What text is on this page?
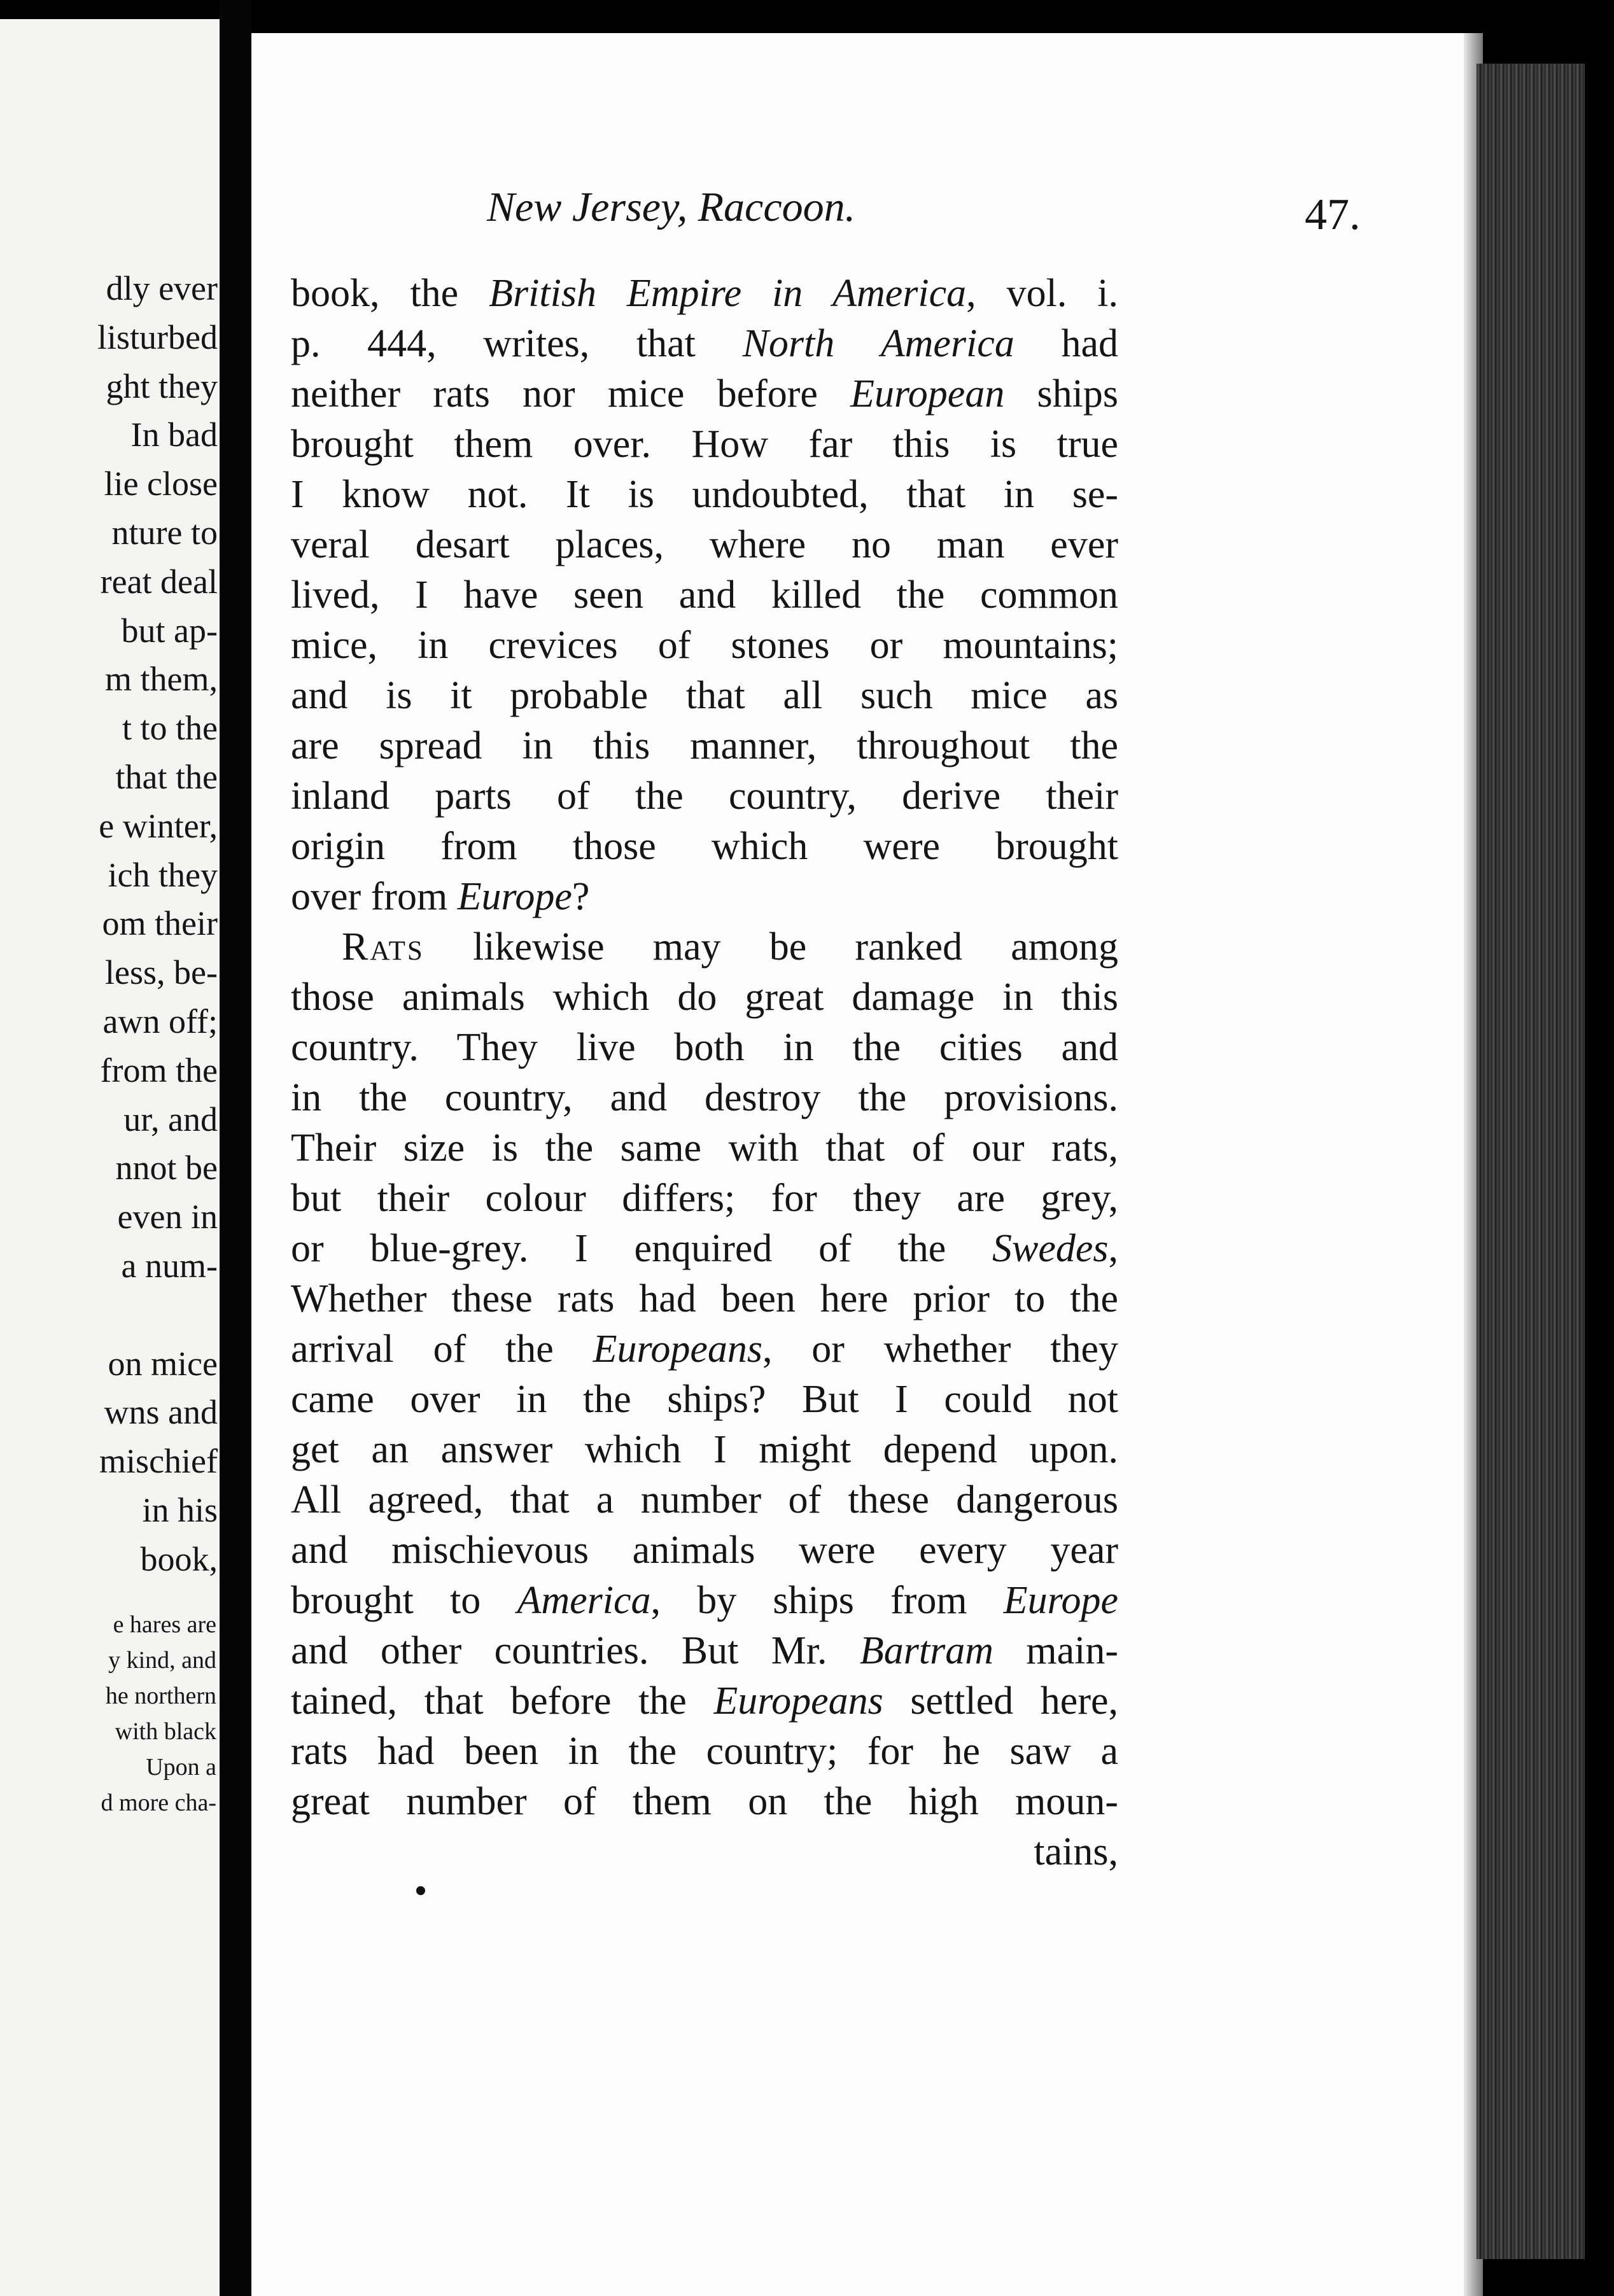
dly ever
listurbed
ght they
In bad
lie close
nture to
reat deal
but ap-
m them,
t to the
that the
e winter,
ich they
om their
less, be-
awn off;
from the
ur, and
nnot be
even in
a num-
on mice
wns and
mischief
in his
book,
e hares are
y kind, and
he northern
with black
Upon a
d more cha-
New Jersey, Raccoon.	47.
book, the British Empire in America, vol. i.
p. 444, writes, that North America had
neither rats nor mice before European ships
brought them over. How far this is true
I know not. It is undoubted, that in se-
veral desart places, where no man ever
lived, I have seen and killed the common
mice, in crevices of stones or mountains;
and is it probable that all such mice as
are spread in this manner, throughout the
inland parts of the country, derive their
origin from those which were brought
over from Europe?
Rats likewise may be ranked among
those animals which do great damage in this
country. They live both in the cities and
in the country, and destroy the provisions.
Their size is the same with that of our rats,
but their colour differs; for they are grey,
or blue-grey. I enquired of the Swedes,
Whether these rats had been here prior to the
arrival of the Europeans, or whether they
came over in the ships? But I could not
get an answer which I might depend upon.
All agreed, that a number of these dangerous
and mischievous animals were every year
brought to America, by ships from Europe
and other countries. But Mr. Bartram main-
tained, that before the Europeans settled here,
rats had been in the country; for he saw a
great number of them on the high moun-
tains,
